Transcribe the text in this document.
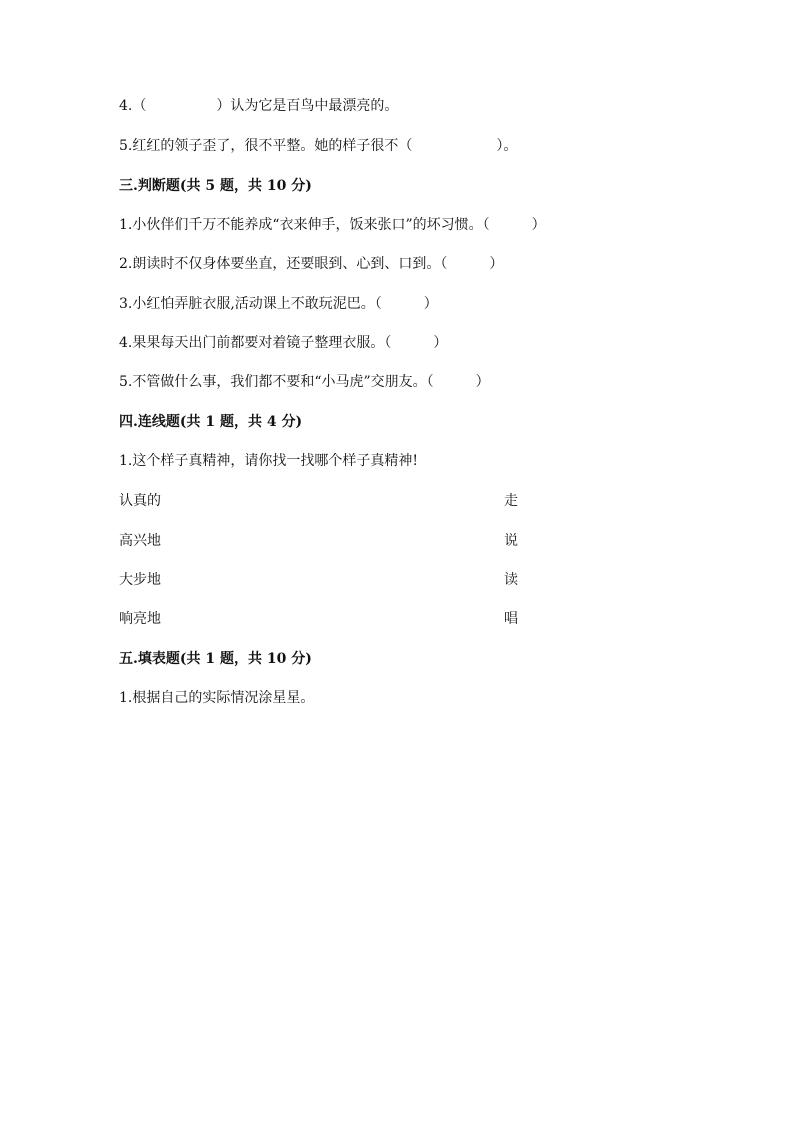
4.（　　　　　）认为它是百鸟中最漂亮的。
5.红红的领子歪了，很不平整。她的样子很不（　　　　　　）。
三.判断题(共 5 题，共 10 分)
1.小伙伴们千万不能养成“衣来伸手，饭来张口”的坏习惯。（　　　）
2.朗读时不仅身体要坐直，还要眼到、心到、口到。（　　　）
3.小红怕弄脏衣服,活动课上不敢玩泥巴。（　　　）
4.果果每天出门前都要对着镜子整理衣服。（　　　）
5.不管做什么事，我们都不要和“小马虎”交朋友。（　　　）
四.连线题(共 1 题，共 4 分)
1.这个样子真精神，请你找一找哪个样子真精神!
认真的	走
高兴地	说
大步地	读
响亮地	唱
五.填表题(共 1 题，共 10 分)
1.根据自己的实际情况涂星星。
